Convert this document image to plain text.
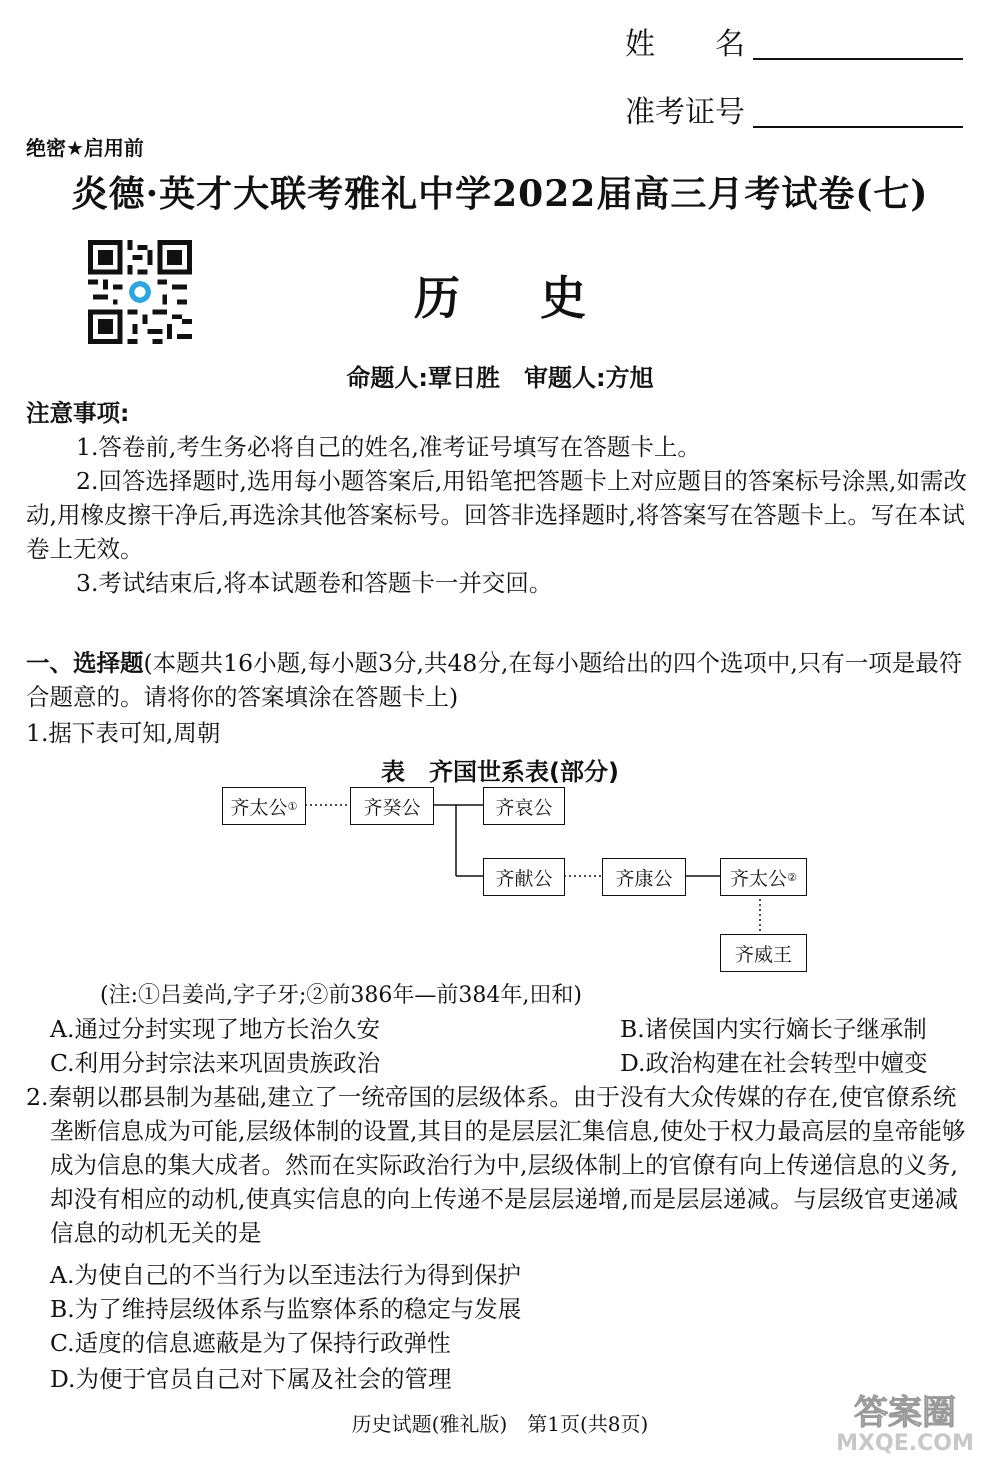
姓　　名
准考证号
绝密★启用前
炎德·英才大联考雅礼中学2022届高三月考试卷(七)
历史
命题人:覃日胜　审题人:方旭
注意事项:
1.答卷前,考生务必将自己的姓名,准考证号填写在答题卡上。
2.回答选择题时,选用每小题答案后,用铅笔把答题卡上对应题目的答案标号涂黑,如需改动,用橡皮擦干净后,再选涂其他答案标号。回答非选择题时,将答案写在答题卡上。写在本试卷上无效。
3.考试结束后,将本试题卷和答题卡一并交回。
一、选择题(本题共16小题,每小题3分,共48分,在每小题给出的四个选项中,只有一项是最符合题意的。请将你的答案填涂在答题卡上)
1.据下表可知,周朝
表　齐国世系表(部分)
齐太公 ①	齐癸公	齐哀公
齐献公	齐康公	齐太公 ②
齐威王
(注:①吕姜尚,字子牙;②前386年—前384年,田和)
A.通过分封实现了地方长治久安	B.诸侯国内实行嫡长子继承制
C.利用分封宗法来巩固贵族政治	D.政治构建在社会转型中嬗变
2.秦朝以郡县制为基础,建立了一统帝国的层级体系。由于没有大众传媒的存在,使官僚系统垄断信息成为可能,层级体制的设置,其目的是层层汇集信息,使处于权力最高层的皇帝能够成为信息的集大成者。然而在实际政治行为中,层级体制上的官僚有向上传递信息的义务,却没有相应的动机,使真实信息的向上传递不是层层递增,而是层层递减。与层级官吏递减信息的动机无关的是
A.为使自己的不当行为以至违法行为得到保护
B.为了维持层级体系与监察体系的稳定与发展
C.适度的信息遮蔽是为了保持行政弹性
D.为便于官员自己对下属及社会的管理
历史试题(雅礼版)　第1页(共8页)	答案圈
MXQE.COM
